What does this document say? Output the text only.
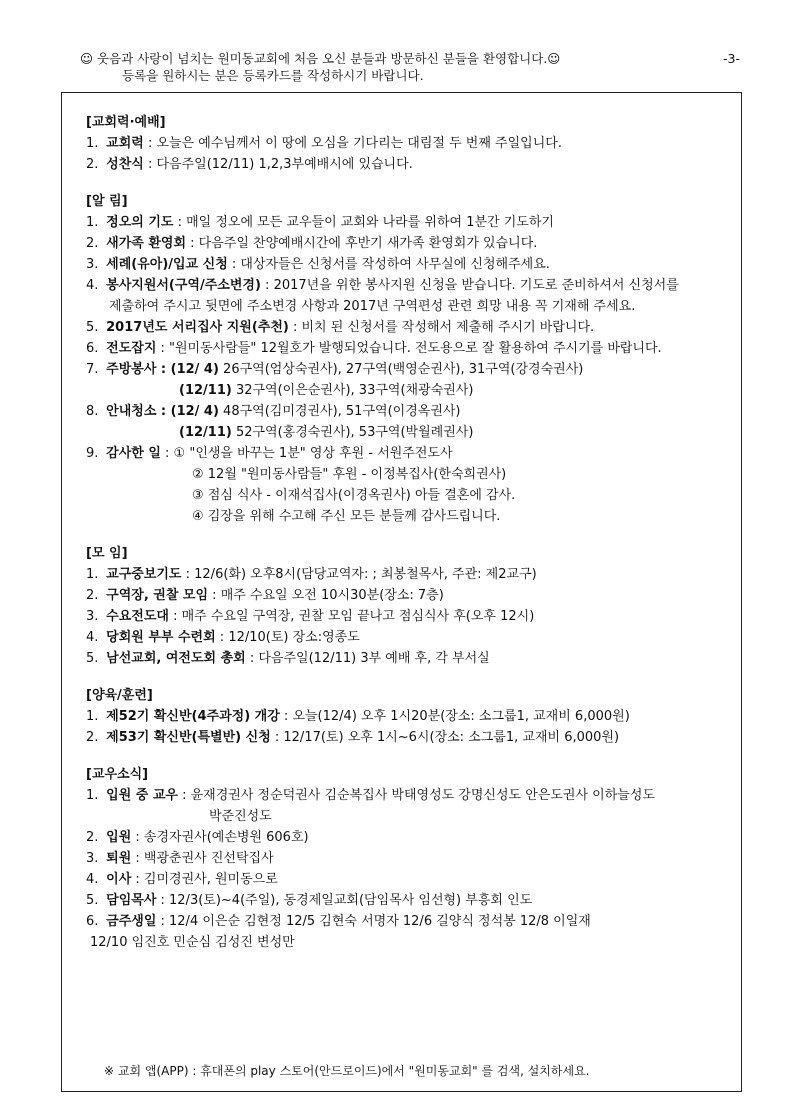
☺ 웃음과 사랑이 넘치는 원미동교회에 처음 오신 분들과 방문하신 분들을 환영합니다.☺	-3-
등록을 원하시는 분은 등록카드를 작성하시기 바랍니다.
[교회력·예배]
1. 교회력 : 오늘은 예수님께서 이 땅에 오심을 기다리는 대림절 두 번째 주일입니다.
2. 성찬식 : 다음주일(12/11) 1,2,3부예배시에 있습니다.
[알 림]
1. 정오의 기도 : 매일 정오에 모든 교우들이 교회와 나라를 위하여 1분간 기도하기
2. 새가족 환영회 : 다음주일 찬양예배시간에 후반기 새가족 환영회가 있습니다.
3. 세례(유아)/입교 신청 : 대상자들은 신청서를 작성하여 사무실에 신청해주세요.
4. 봉사지원서(구역/주소변경) : 2017년을 위한 봉사지원 신청을 받습니다. 기도로 준비하셔서 신청서를
제출하여 주시고 뒷면에 주소변경 사항과 2017년 구역편성 관련 희망 내용 꼭 기재해 주세요.
5. 2017년도 서리집사 지원(추천) : 비치 된 신청서를 작성해서 제출해 주시기 바랍니다.
6. 전도잡지 : "원미동사람들" 12월호가 발행되었습니다. 전도용으로 잘 활용하여 주시기를 바랍니다.
7. 주방봉사 : (12/ 4) 26구역(엄상숙권사), 27구역(백영순권사), 31구역(강경숙권사)
(12/11) 32구역(이은순권사), 33구역(채광숙권사)
8. 안내청소 : (12/ 4) 48구역(김미경권사), 51구역(이경옥권사)
(12/11) 52구역(홍경숙권사), 53구역(박월례권사)
9. 감사한 일 : ① "인생을 바꾸는 1분" 영상 후원 - 서원주전도사
② 12월 "원미동사람들" 후원 - 이정복집사(한숙희권사)
③ 점심 식사 - 이재석집사(이경옥권사) 아들 결혼에 감사.
④ 김장을 위해 수고해 주신 모든 분들께 감사드립니다.
[모 임]
1. 교구중보기도 : 12/6(화) 오후8시(담당교역자: ; 최봉철목사, 주관: 제2교구)
2. 구역장, 권찰 모임 : 매주 수요일 오전 10시30분(장소: 7층)
3. 수요전도대 : 매주 수요일 구역장, 권찰 모임 끝나고 점심식사 후(오후 12시)
4. 당회원 부부 수련회 : 12/10(토) 장소:영종도
5. 남선교회, 여전도회 총회 : 다음주일(12/11) 3부 예배 후, 각 부서실
[양육/훈련]
1. 제52기 확신반(4주과정) 개강 : 오늘(12/4) 오후 1시20분(장소: 소그룹1, 교재비 6,000원)
2. 제53기 확신반(특별반) 신청 : 12/17(토) 오후 1시~6시(장소: 소그룹1, 교재비 6,000원)
[교우소식]
1. 입원 중 교우 : 윤재경권사 정순덕권사 김순복집사 박태영성도 강명신성도 안은도권사 이하늘성도
박준진성도
2. 입원 : 송경자권사(예손병원 606호)
3. 퇴원 : 백광춘권사 진선탁집사
4. 이사 : 김미경권사, 원미동으로
5. 담임목사 : 12/3(토)~4(주일), 동경제일교회(담임목사 임선형) 부흥회 인도
6. 금주생일 : 12/4 이은순 김현정 12/5 김현숙 서명자 12/6 길양식 정석봉 12/8 이일재
12/10 임진호 민순심 김성진 변성만
※ 교회 앱(APP) : 휴대폰의 play 스토어(안드로이드)에서 "원미동교회" 를 검색, 설치하세요.
